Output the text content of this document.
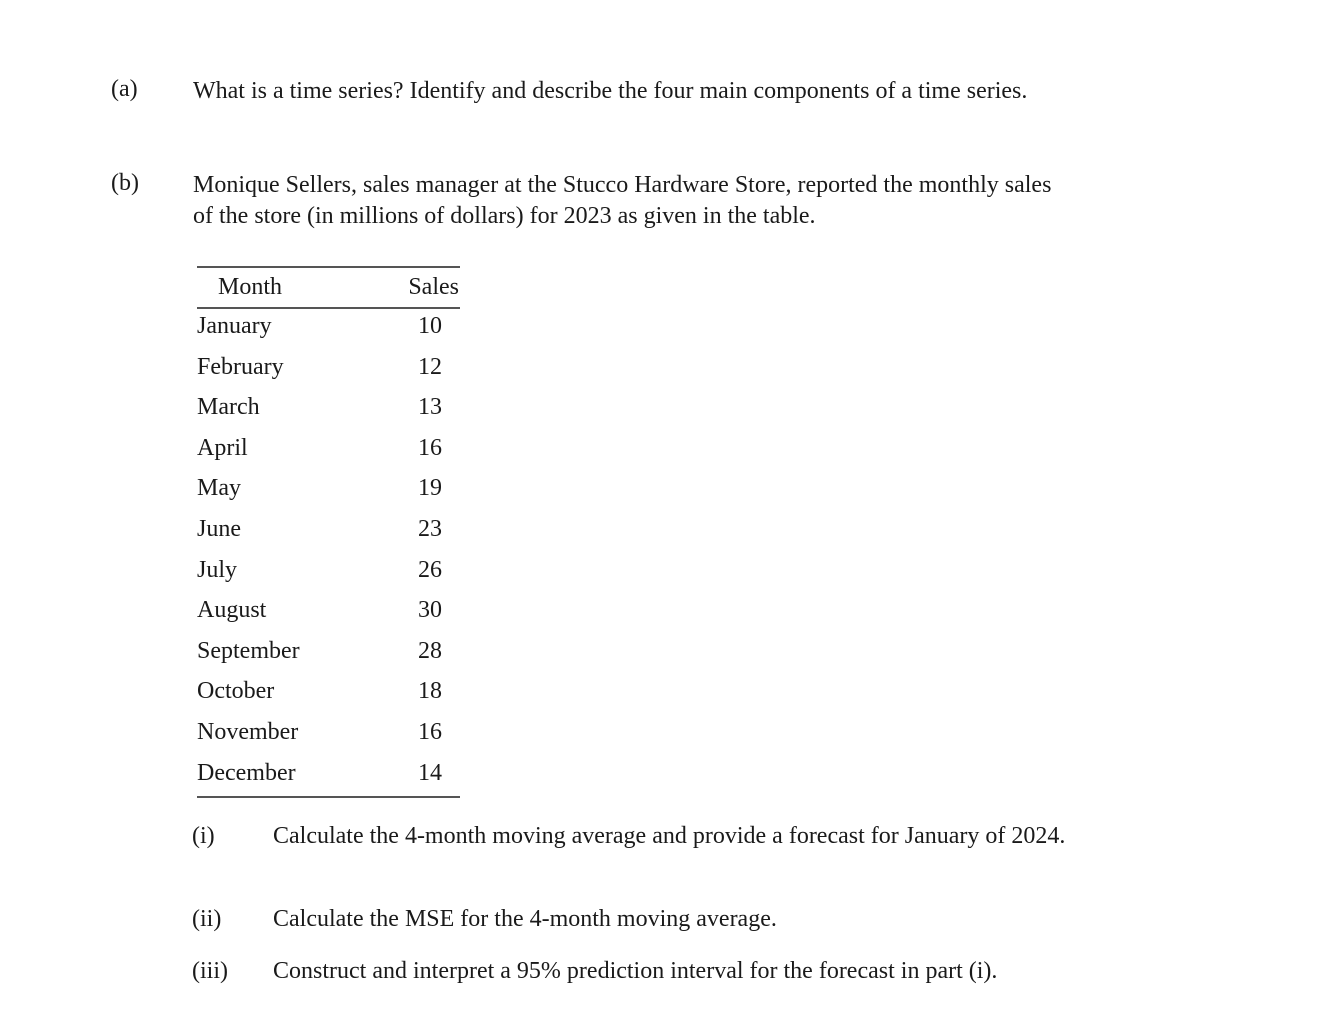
(a) What is a time series? Identify and describe the four main components of a time series.
(b) Monique Sellers, sales manager at the Stucco Hardware Store, reported the monthly sales
of the store (in millions of dollars) for 2023 as given in the table.
Month	Sales
January	10
February	12
March	13
April	16
May	19
June	23
July	26
August	30
September	28
October	18
November	16
December	14
(i) Calculate the 4-month moving average and provide a forecast for January of 2024.
(ii) Calculate the MSE for the 4-month moving average.
(iii) Construct and interpret a 95% prediction interval for the forecast in part (i).
